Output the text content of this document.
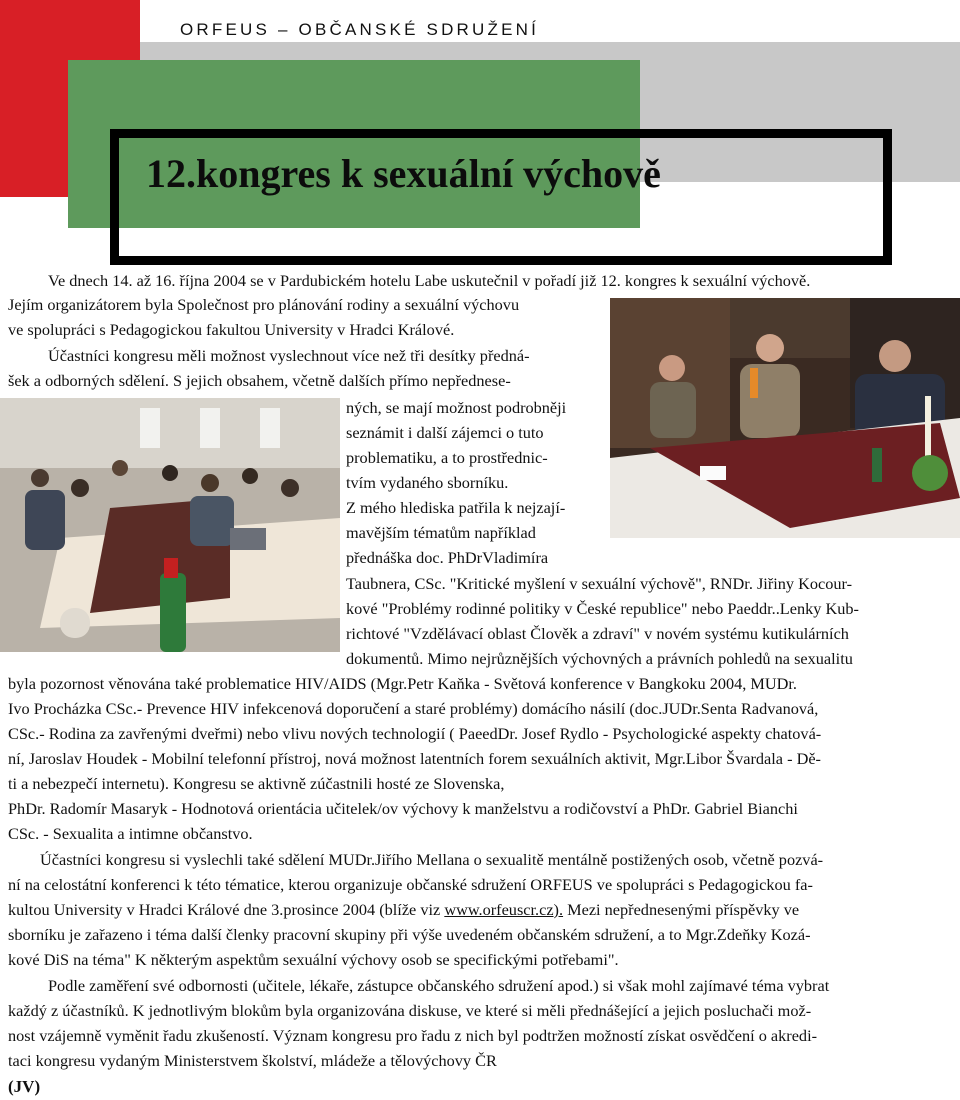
ORFEUS – OBČANSKÉ SDRUŽENÍ
12.kongres k sexuální výchově
Ve dnech 14. až 16. října 2004 se v Pardubickém hotelu Labe uskutečnil v pořadí již 12. kongres k sexuální výchově.
Jejím organizátorem byla Společnost pro plánování rodiny a sexuální výchovu
ve spolupráci s Pedagogickou fakultou University v Hradci Králové.
Účastníci kongresu měli možnost vyslechnout více než tři desítky předná-
šek a odborných sdělení. S jejich obsahem, včetně dalších přímo nepřednese-
ných, se mají možnost podrobněji
seznámit i další zájemci o tuto
problematiku, a to prostřednic-
tvím vydaného sborníku.
Z mého hlediska patřila k nejzají-
mavějším tématům například
přednáška doc. PhDrVladimíra
Taubnera, CSc. "Kritické myšlení v sexuální výchově", RNDr. Jiřiny Kocour-
kové "Problémy rodinné politiky v České republice" nebo Paeddr..Lenky Kub-
richtové "Vzdělávací oblast Člověk a zdraví" v novém systému kutikulárních
dokumentů. Mimo nejrůznějších výchovných a právních pohledů na sexualitu
byla pozornost věnována také problematice HIV/AIDS (Mgr.Petr Kaňka - Světová konference v Bangkoku 2004, MUDr.
Ivo Procházka CSc.- Prevence HIV infekcenová doporučení a staré problémy) domácího násilí (doc.JUDr.Senta Radvanová,
CSc.- Rodina za zavřenými dveřmi) nebo vlivu nových technologií ( PaeedDr. Josef Rydlo - Psychologické aspekty chatová-
ní, Jaroslav Houdek - Mobilní telefonní přístroj, nová možnost latentních forem sexuálních aktivit, Mgr.Libor Švardala - Dě-
ti a nebezpečí internetu). Kongresu se aktivně zúčastnili hosté ze Slovenska,
PhDr. Radomír Masaryk - Hodnotová orientácia učitelek/ov výchovy k manželstvu a rodičovství a PhDr. Gabriel Bianchi
CSc. - Sexualita a intimne občanstvo.
Účastníci kongresu si vyslechli také sdělení MUDr.Jiřího Mellana o sexualitě mentálně postižených osob, včetně pozvá-
ní na celostátní konferenci k této tématice, kterou organizuje občanské sdružení ORFEUS ve spolupráci s Pedagogickou fa-
kultou University v Hradci Králové dne 3.prosince 2004 (blíže viz www.orfeuscr.cz). Mezi nepřednesenými příspěvky ve
sborníku je zařazeno i téma další členky pracovní skupiny při výše uvedeném občanském sdružení, a to Mgr.Zdeňky Kozá-
kové DiS na téma" K některým aspektům sexuální výchovy osob se specifickými potřebami".
Podle zaměření své odbornosti (učitele, lékaře, zástupce občanského sdružení apod.) si však mohl zajímavé téma vybrat
každý z účastníků. K jednotlivým blokům byla organizována diskuse, ve které si měli přednášející a jejich posluchači mož-
nost vzájemně vyměnit řadu zkušeností. Význam kongresu pro řadu z nich byl podtržen možností získat osvědčení o akredi-
taci kongresu vydaným Ministerstvem školství, mládeže a tělovýchovy ČR
(JV)
